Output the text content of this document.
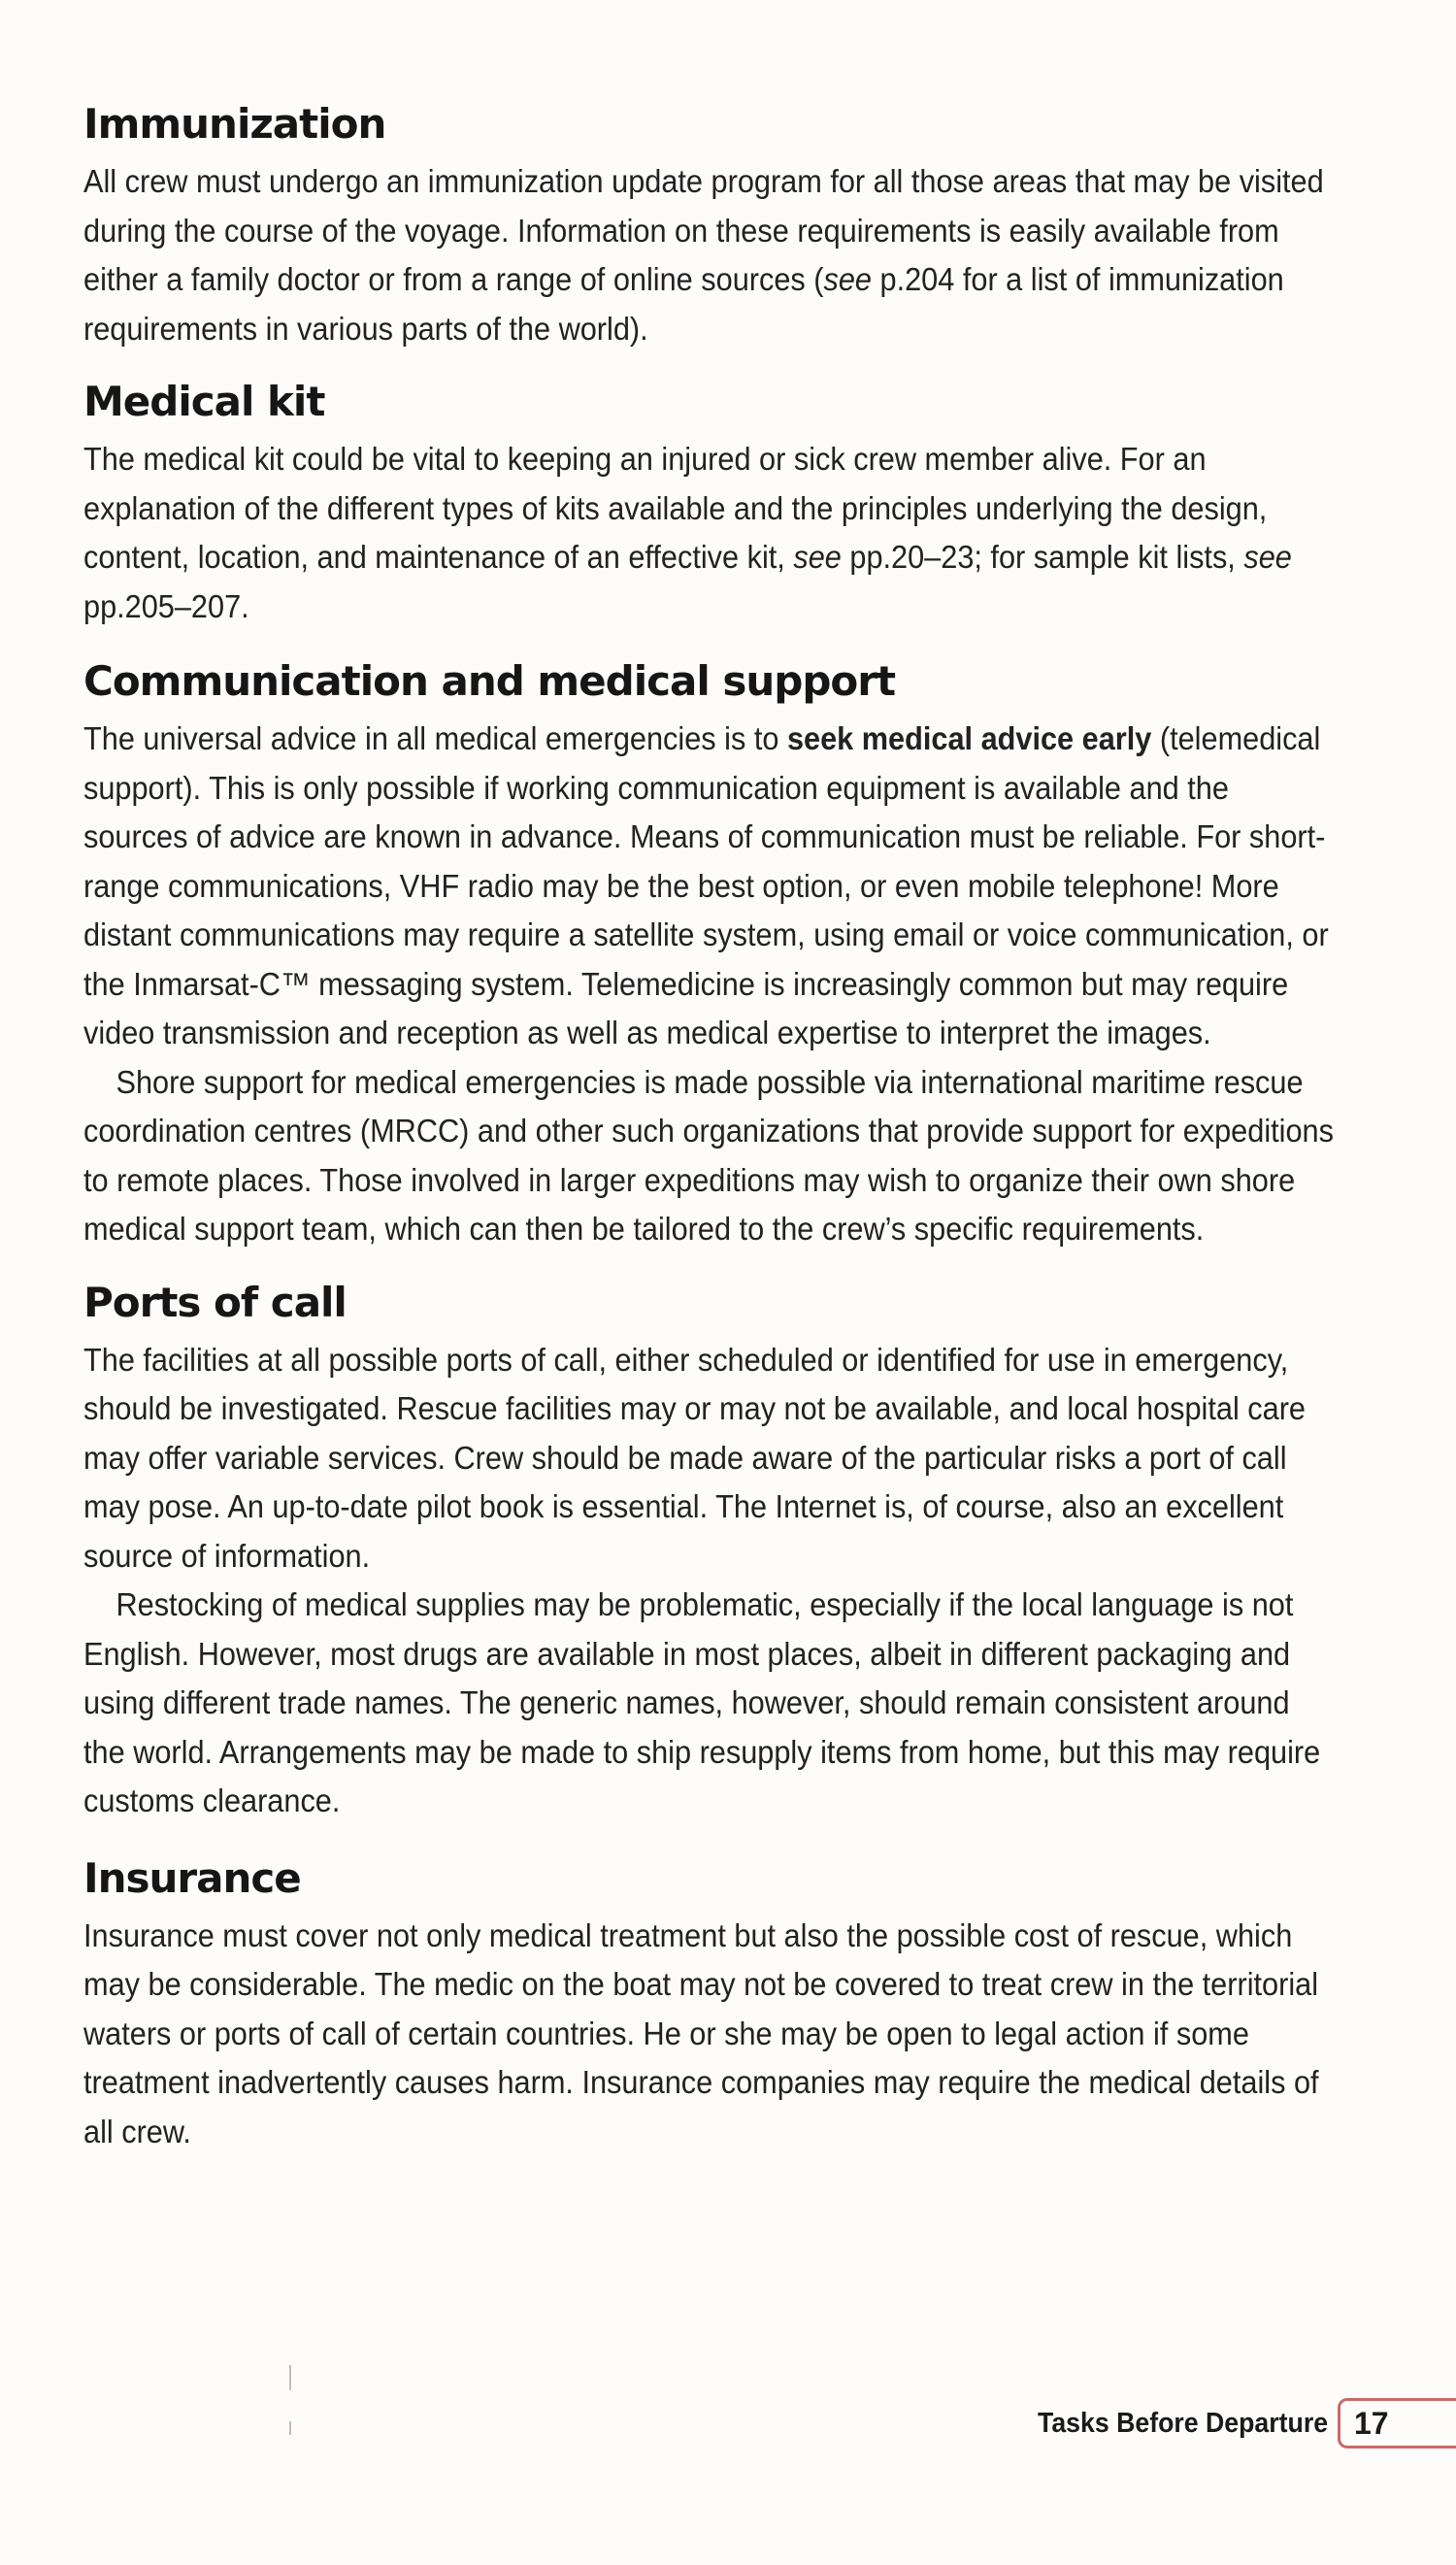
Immunization

All crew must undergo an immunization update program for all those areas that may be visited during the course of the voyage. Information on these requirements is easily available from either a family doctor or from a range of online sources (see p.204 for a list of immunization requirements in various parts of the world).

Medical kit

The medical kit could be vital to keeping an injured or sick crew member alive. For an explanation of the different types of kits available and the principles underlying the design, content, location, and maintenance of an effective kit, see pp.20–23; for sample kit lists, see pp.205–207.

Communication and medical support

The universal advice in all medical emergencies is to seek medical advice early (telemedical support). This is only possible if working communication equipment is available and the sources of advice are known in advance. Means of communication must be reliable. For short-range communications, VHF radio may be the best option, or even mobile telephone! More distant communications may require a satellite system, using email or voice communication, or the Inmarsat-C™ messaging system. Telemedicine is increasingly common but may require video transmission and reception as well as medical expertise to interpret the images.

Shore support for medical emergencies is made possible via international maritime rescue coordination centres (MRCC) and other such organizations that provide support for expeditions to remote places. Those involved in larger expeditions may wish to organize their own shore medical support team, which can then be tailored to the crew’s specific requirements.

Ports of call

The facilities at all possible ports of call, either scheduled or identified for use in emergency, should be investigated. Rescue facilities may or may not be available, and local hospital care may offer variable services. Crew should be made aware of the particular risks a port of call may pose. An up-to-date pilot book is essential. The Internet is, of course, also an excellent source of information.

Restocking of medical supplies may be problematic, especially if the local language is not English. However, most drugs are available in most places, albeit in different packaging and using different trade names. The generic names, however, should remain consistent around the world. Arrangements may be made to ship resupply items from home, but this may require customs clearance.

Insurance

Insurance must cover not only medical treatment but also the possible cost of rescue, which may be considerable. The medic on the boat may not be covered to treat crew in the territorial waters or ports of call of certain countries. He or she may be open to legal action if some treatment inadvertently causes harm. Insurance companies may require the medical details of all crew.

Tasks Before Departure 17
